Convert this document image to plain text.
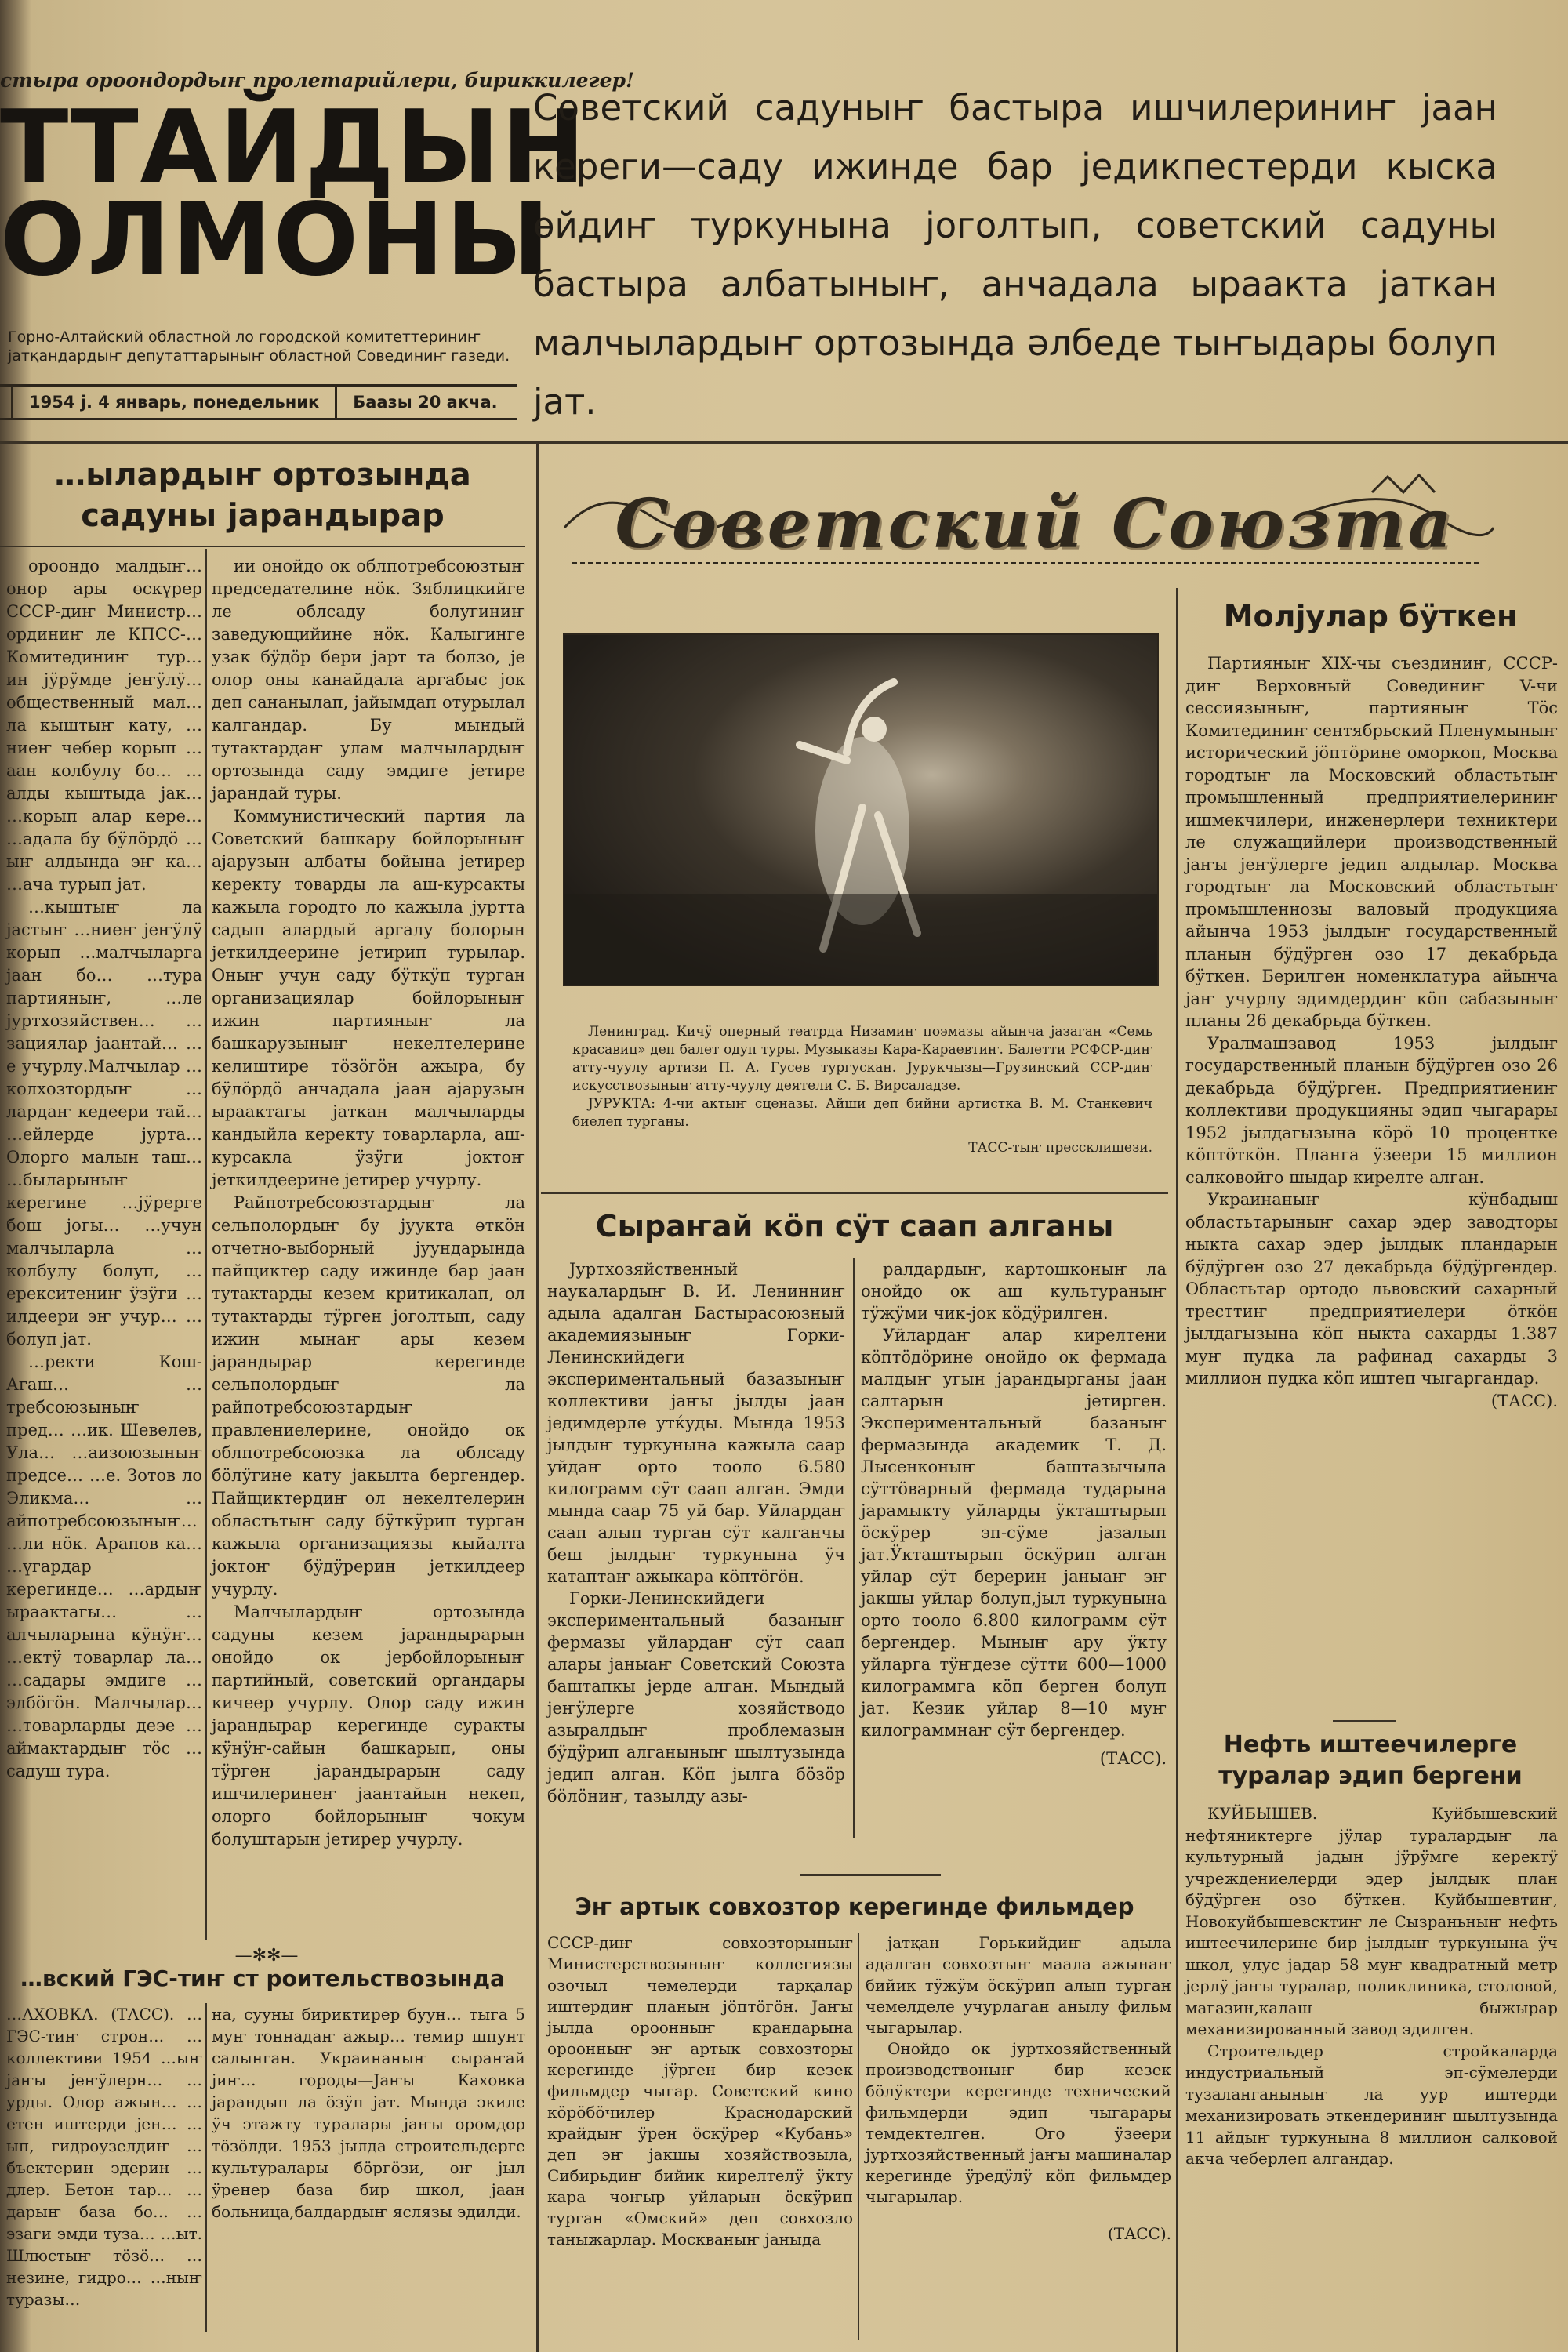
стыра ороондордыҥ пролетарийлери, бириккилегер!
ТТАЙДЫН
ОЛМОНЫ
Горно-Алтайский областной ло городской комитеттериниҥ јатқандардыҥ депутаттарыныҥ областной Совединиҥ газеди.
1954 ј. 4 январь, понедельник	Баазы 20 акча.
Советский садуныҥ бастыра ишчилериниҥ јаан кереги—саду ижинде бар једикпестерди кыска өйдиҥ туркунына јоголтып, советский садуны бастыра албатыныҥ, анчадала ыраакта јаткан малчылардыҥ ортозында әлбеде тыҥыдары болуп јат.
…ылардыҥ ортозында садуны јарандырар

ороондо малдыҥ… онор ары өскүрер СССР-диҥ Министр… ординиҥ ле КПСС-… Комитединиҥ тур… ин јӱрӱмде јеҥӱлӱ… общественный мал… ла кыштыҥ кату, …ниеҥ чебер корып …аан колбулу бо… …алды кыштыда јак… …корып алар кере… …адала бу бӱлӧрдӧ …ыҥ алдында эҥ ка… …ача турып јат.

…кыштыҥ ла јастыҥ …ниеҥ јеҥӱлӱ корып …малчыларга јаан бо… …тура партияныҥ, …ле јуртхозяйствен… …зациялар јаантай… …е учурлу.Малчылар …колхозтордыҥ …лардаҥ кедеери тай… …ейлерде јурта… Олорго малын таш… …быларыныҥ керегине …јӱрерге бош јогы… …учун малчыларла …колбулу болуп, …ерекситениҥ ӱзӱги …илдеери эҥ учур… …болуп јат.

…ректи Кош-Агаш… …требсоюзыныҥ пред… …ик. Шевелев, Ула… …аизоюзыныҥ предсе… …е. Зотов ло Эликма… …айпотребсоюзыныҥ… …ли нӧк. Арапов ка… …үгардар керегинде… …ардыҥ ыраактагы… …алчыларына кӱнӱҥ… …ектӱ товарлар ла… …садары эмдиге …элбӧгӧн. Малчылар… …товарларды деэе …аймактардыҥ тӧс …садуш тура.

ии онойдо ок облпотребсоюзтыҥ председателине нӧк. Зяблицкийге ле облсаду болугиниҥ заведующийине нӧк. Калыгинге узак бӱдӧр бери јарт та болзо, је олор оны канайдала аргабыс јок деп сананылап, јайымдап отурылал калгандар. Бу мындый тутактардаҥ улам малчылардыҥ ортозында саду эмдиге јетире јарандай туры.

Коммунистический партия ла Советский башкару бойлорыныҥ ајарузын албаты бойына јетирер керекту товарды ла аш-курсакты кажыла городто ло кажыла јуртта садып алардый аргалу болорын јеткилдеерине јетирип турылар. Оныҥ учун саду бӱткӱп турган организациялар бойлорыныҥ ижин партияныҥ ла башкарузыныҥ некелтелерине келиштире тӧзӧгӧн ажыра, бу бӱлӧрдӧ анчадала јаан ајарузын ыраактагы јаткан малчыларды кандыйла керекту товарларла, аш-курсакла ӱзӱги јоктоҥ јеткилдеерине јетирер учурлу.

Райпотребсоюзтардыҥ ла сельполордыҥ бу јуукта өткӧн отчетно-выборный јуундарында пайщиктер саду ижинде бар јаан тутактарды кезем критикалап, ол тутактарды тӱрген јоголтып, саду ижин мынаҥ ары кезем јарандырар керегинде сельполордыҥ ла райпотребсоюзтардыҥ правлениелерине, онойдо ок облпотребсоюзка ла облсаду бӧлӱгине кату јакылта бергендер. Пайщиктердиҥ ол некелтелерин областьтыҥ саду бӱткӱрип турган кажыла организациязы кыйалта јоктоҥ бӱдӱрерин јеткилдеер учурлу.

Малчылардыҥ ортозында садуны кезем јарандырарын онойдо ок јербойлорыныҥ партийный, советский органдары кичеер учурлу. Олор саду ижин јарандырар керегинде суракты кӱнӱҥ-сайын башкарып, оны тӱрген јарандырарын саду ишчилеринеҥ јаантайын некеп, олорго бойлорыныҥ чокум болуштарын јетирер учурлу.

—✻✻—
…вский ГЭС-тиҥ ст роительствозында
…АХОВКА. (ТАСС). …ГЭС-тиҥ строн… …коллективи 1954 …ыҥ јаҥы јеҥӱлерн… …урды. Олор ажын… …етен иштерди јен… …ып, гидроузелдиҥ …бъектерин эдерин …длер. Бетон тар… …дарыҥ база бо… …эзаги эмди туза… …ыт. Шлюстыҥ тӧзӧ… …незине, гидро… …ныҥ туразы…
на, сууны бириктирер буун… тыга 5 муҥ тоннадаҥ ажыр… темир шпунт салынган. Украинаныҥ сыраҥай јиҥ… городы—Јаҥы Каховка јарандып ла ӧзӱп јат. Мында экиле ӱч этажту туралары јаҥы оромдор тӧзӧлди. 1953 јылда строительдерге культуралары бӧргӧзи, оҥ јыл ӱренер база бир школ, јаан больница,балдардыҥ яслязы эдилди.
Советский Союзта

Ленинград. Кичӱ оперный театрда Низамиҥ поэмазы айынча јазаган «Семь красавиц» деп балет одуп туры. Музыказы Кара-Караевтиҥ. Балетти РСФСР-диҥ атту-чуулу артизи П. А. Гусев тургускан. Јурукчызы—Грузинский ССР-диҥ искусствозыныҥ атту-чуулу деятели С. Б. Вирсаладзе.

ЈУРУКТА: 4-чи актыҥ сценазы. Айши деп бийни артистка В. М. Станкевич биелеп турганы.

ТАСС-тыҥ прессклишези.

Сыраҥай кӧп сӱт саап алганы

Јуртхозяйственный наукалардыҥ В. И. Ленинниҥ адыла адалган Бастырасоюзный академиязыныҥ Горки-Ленинскийдеги экспериментальный базазыныҥ коллективи јаҥы јылды јаан једимдерле утќуды. Мында 1953 јылдыҥ туркунына кажыла саар уйдаҥ орто тооло 6.580 килограмм сӱт саап алган. Эмди мында саар 75 уй бар. Уйлардаҥ саап алып турган сӱт калганчы беш јылдыҥ туркунына ӱч катаптаҥ ажыкара кӧптӧгӧн.

Горки-Ленинскийдеги экспериментальный базаныҥ фермазы уйлардаҥ сӱт саап алары јаныаҥ Советский Союзта баштапкы јерде алган. Мындый јеҥӱлерге хозяйстводо азыралдыҥ проблемазын бӱдӱрип алганыныҥ шылтузында једип алган. Кӧп јылга бӧзӧр бӧлӧниҥ, тазылду азы-

ралдардыҥ, картошконыҥ ла онойдо ок аш культураныҥ тӱжӱми чик-јок кӧдӱрилген.

Уйлардаҥ алар кирелтени кӧптӧдӧрине онойдо ок фермада малдыҥ угын јарандырганы јаан салтарын јетирген. Экспериментальный базаныҥ фермазында академик Т. Д. Лысенконыҥ баштазычыла сӱттӧварный фермада тударына јарамыкту уйларды ӱкташтырып ӧскӱрер эп-сӱме јазалып јат.Ӱкташтырып ӧскӱрип алган уйлар сӱт берерин јаныаҥ эҥ јакшы уйлар болуп,јыл туркунына орто тооло 6.800 килограмм сӱт бергендер. Мыныҥ ару ӱкту уйларга тӱҥдезе сӱтти 600—1000 килограммга кӧп берген болуп јат. Кезик уйлар 8—10 муҥ килограммнаҥ сӱт бергендер.

(ТАСС).

Эҥ артык совхозтор керегинде фильмдер
СССР-диҥ совхозторыныҥ Министерствозыныҥ коллегиязы озочыл чемелерди тарқалар иштердиҥ планын јӧптӧгӧн. Јаҥы јылда ороонныҥ крандарына ороонныҥ эҥ артык совхозторы керегинде јӱрген бир кезек фильмдер чыгар. Советский кино кӧрӧбӧчилер Краснодарский крайдыҥ ӱрен ӧскӱрер «Кубань» деп эҥ јакшы хозяйствозыла, Сибирьдиҥ бийик кирелтелӱ ӱкту кара чоҥыр уйларын ӧскӱрип турган «Омский» деп совхозло таныжарлар. Москваныҥ јаныда

јатқан Горькийдиҥ адыла адалган совхозтыҥ маала ажынаҥ бийик тӱжӱм ӧскӱрип алып турган чемелделе учурлаган анылу фильм чыгарылар.

Онойдо ок јуртхозяйственный производствоныҥ бир кезек бӧлӱктери керегинде технический фильмдерди эдип чыгарары темдектелген. Ого ӱзеери јуртхозяйственный јаҥы машиналар керегинде ӱредӱлӱ кӧп фильмдер чыгарылар.

(ТАСС).

Молјулар бӱткен

Партияныҥ XIX-чы съездиниҥ, СССР-диҥ Верховный Совединиҥ V-чи сессиязыныҥ, партияныҥ Тӧс Комитединиҥ сентябрьский Пленумыныҥ исторический јӧптӧрине оморкоп, Москва городтыҥ ла Московский областьтыҥ промышленный предприятиелериниҥ ишмекчилери, инженерлери техниктери ле служащийлери производственный јаҥы јеҥӱлерге једип алдылар. Москва городтыҥ ла Московский областьтыҥ промышленнозы валовый продукцияа айынча 1953 јылдыҥ государственный планын бӱдӱрген озо 17 декабрьда бӱткен. Берилген номенклатура айынча јаҥ учурлу эдимдердиҥ кӧп сабазыныҥ планы 26 декабрьда бӱткен.

Уралмашзавод 1953 јылдыҥ государственный планын бӱдӱрген озо 26 декабрьда бӱдӱрген. Предприятиениҥ коллективи продукцияны эдип чыгарары 1952 јылдагызына кӧрӧ 10 процентке кӧптӧткӧн. Планга ӱзеери 15 миллион салковойго шыдар кирелте алган.

Украинаныҥ кӱнбадыш областьтарыныҥ сахар эдер заводторы ныкта сахар эдер јылдык пландарын бӱдӱрген озо 27 декабрьда бӱдӱргендер. Областьтар ортодо львовский сахарный тресттиҥ предприятиелери ӧткӧн јылдагызына кӧп ныкта сахарды 1.387 муҥ пудка ла рафинад сахарды 3 миллион пудка кӧп иштеп чыгаргандар.

(ТАСС).

Нефть иштеечилерге туралар эдип бергени

КУЙБЫШЕВ. Куйбышевский нефтяниктерге јӱлар туралардыҥ ла культурный јадын јӱрӱмге керектӱ учреждениелерди эдер јылдык план бӱдӱрген озо бӱткен. Куйбышевтиҥ, Новокуйбышевсктиҥ ле Сызраньныҥ нефть иштеечилерине бир јылдыҥ туркунына ӱч школ, улус јадар 58 муҥ квадратный метр јерлӱ јаҥы туралар, поликлиника, столовой, магазин,калаш быжырар механизированный завод эдилген.

Строительдер стройкаларда индустриальный эп-сӱмелерди тузаланганыныҥ ла уур иштерди механизировать эткендериниҥ шылтузында 11 айдыҥ туркунына 8 миллион салковой акча чеберлеп алгандар.
